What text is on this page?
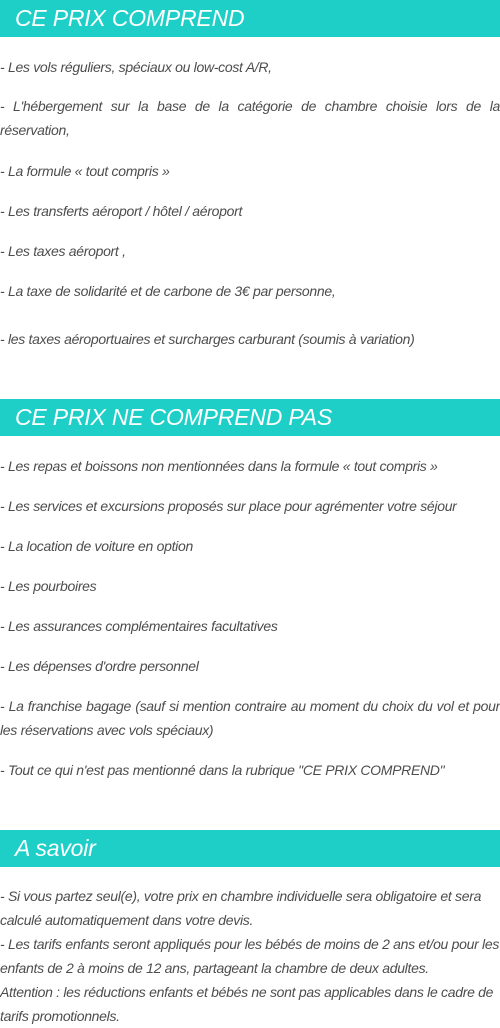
CE PRIX COMPREND
- Les vols réguliers, spéciaux ou low-cost A/R,
- L'hébergement sur la base de la catégorie de chambre choisie lors de la réservation,
- La formule « tout compris »
- Les transferts aéroport / hôtel / aéroport
- Les taxes aéroport ,
- La taxe de solidarité et de carbone de 3€ par personne,
- les taxes aéroportuaires et surcharges carburant (soumis à variation)
CE PRIX NE COMPREND PAS
- Les repas et boissons non mentionnées dans la formule « tout compris »
- Les services et excursions proposés sur place pour agrémenter votre séjour
- La location de voiture en option
- Les pourboires
- Les assurances complémentaires facultatives
- Les dépenses d'ordre personnel
- La franchise bagage (sauf si mention contraire au moment du choix du vol et pour les réservations avec vols spéciaux)
- Tout ce qui n'est pas mentionné dans la rubrique "CE PRIX COMPREND"
A savoir
- Si vous partez seul(e), votre prix en chambre individuelle sera obligatoire et sera calculé automatiquement dans votre devis.
- Les tarifs enfants seront appliqués pour les bébés de moins de 2 ans et/ou pour les enfants de 2 à moins de 12 ans, partageant la chambre de deux adultes.
Attention : les réductions enfants et bébés ne sont pas applicables dans le cadre de tarifs promotionnels.
